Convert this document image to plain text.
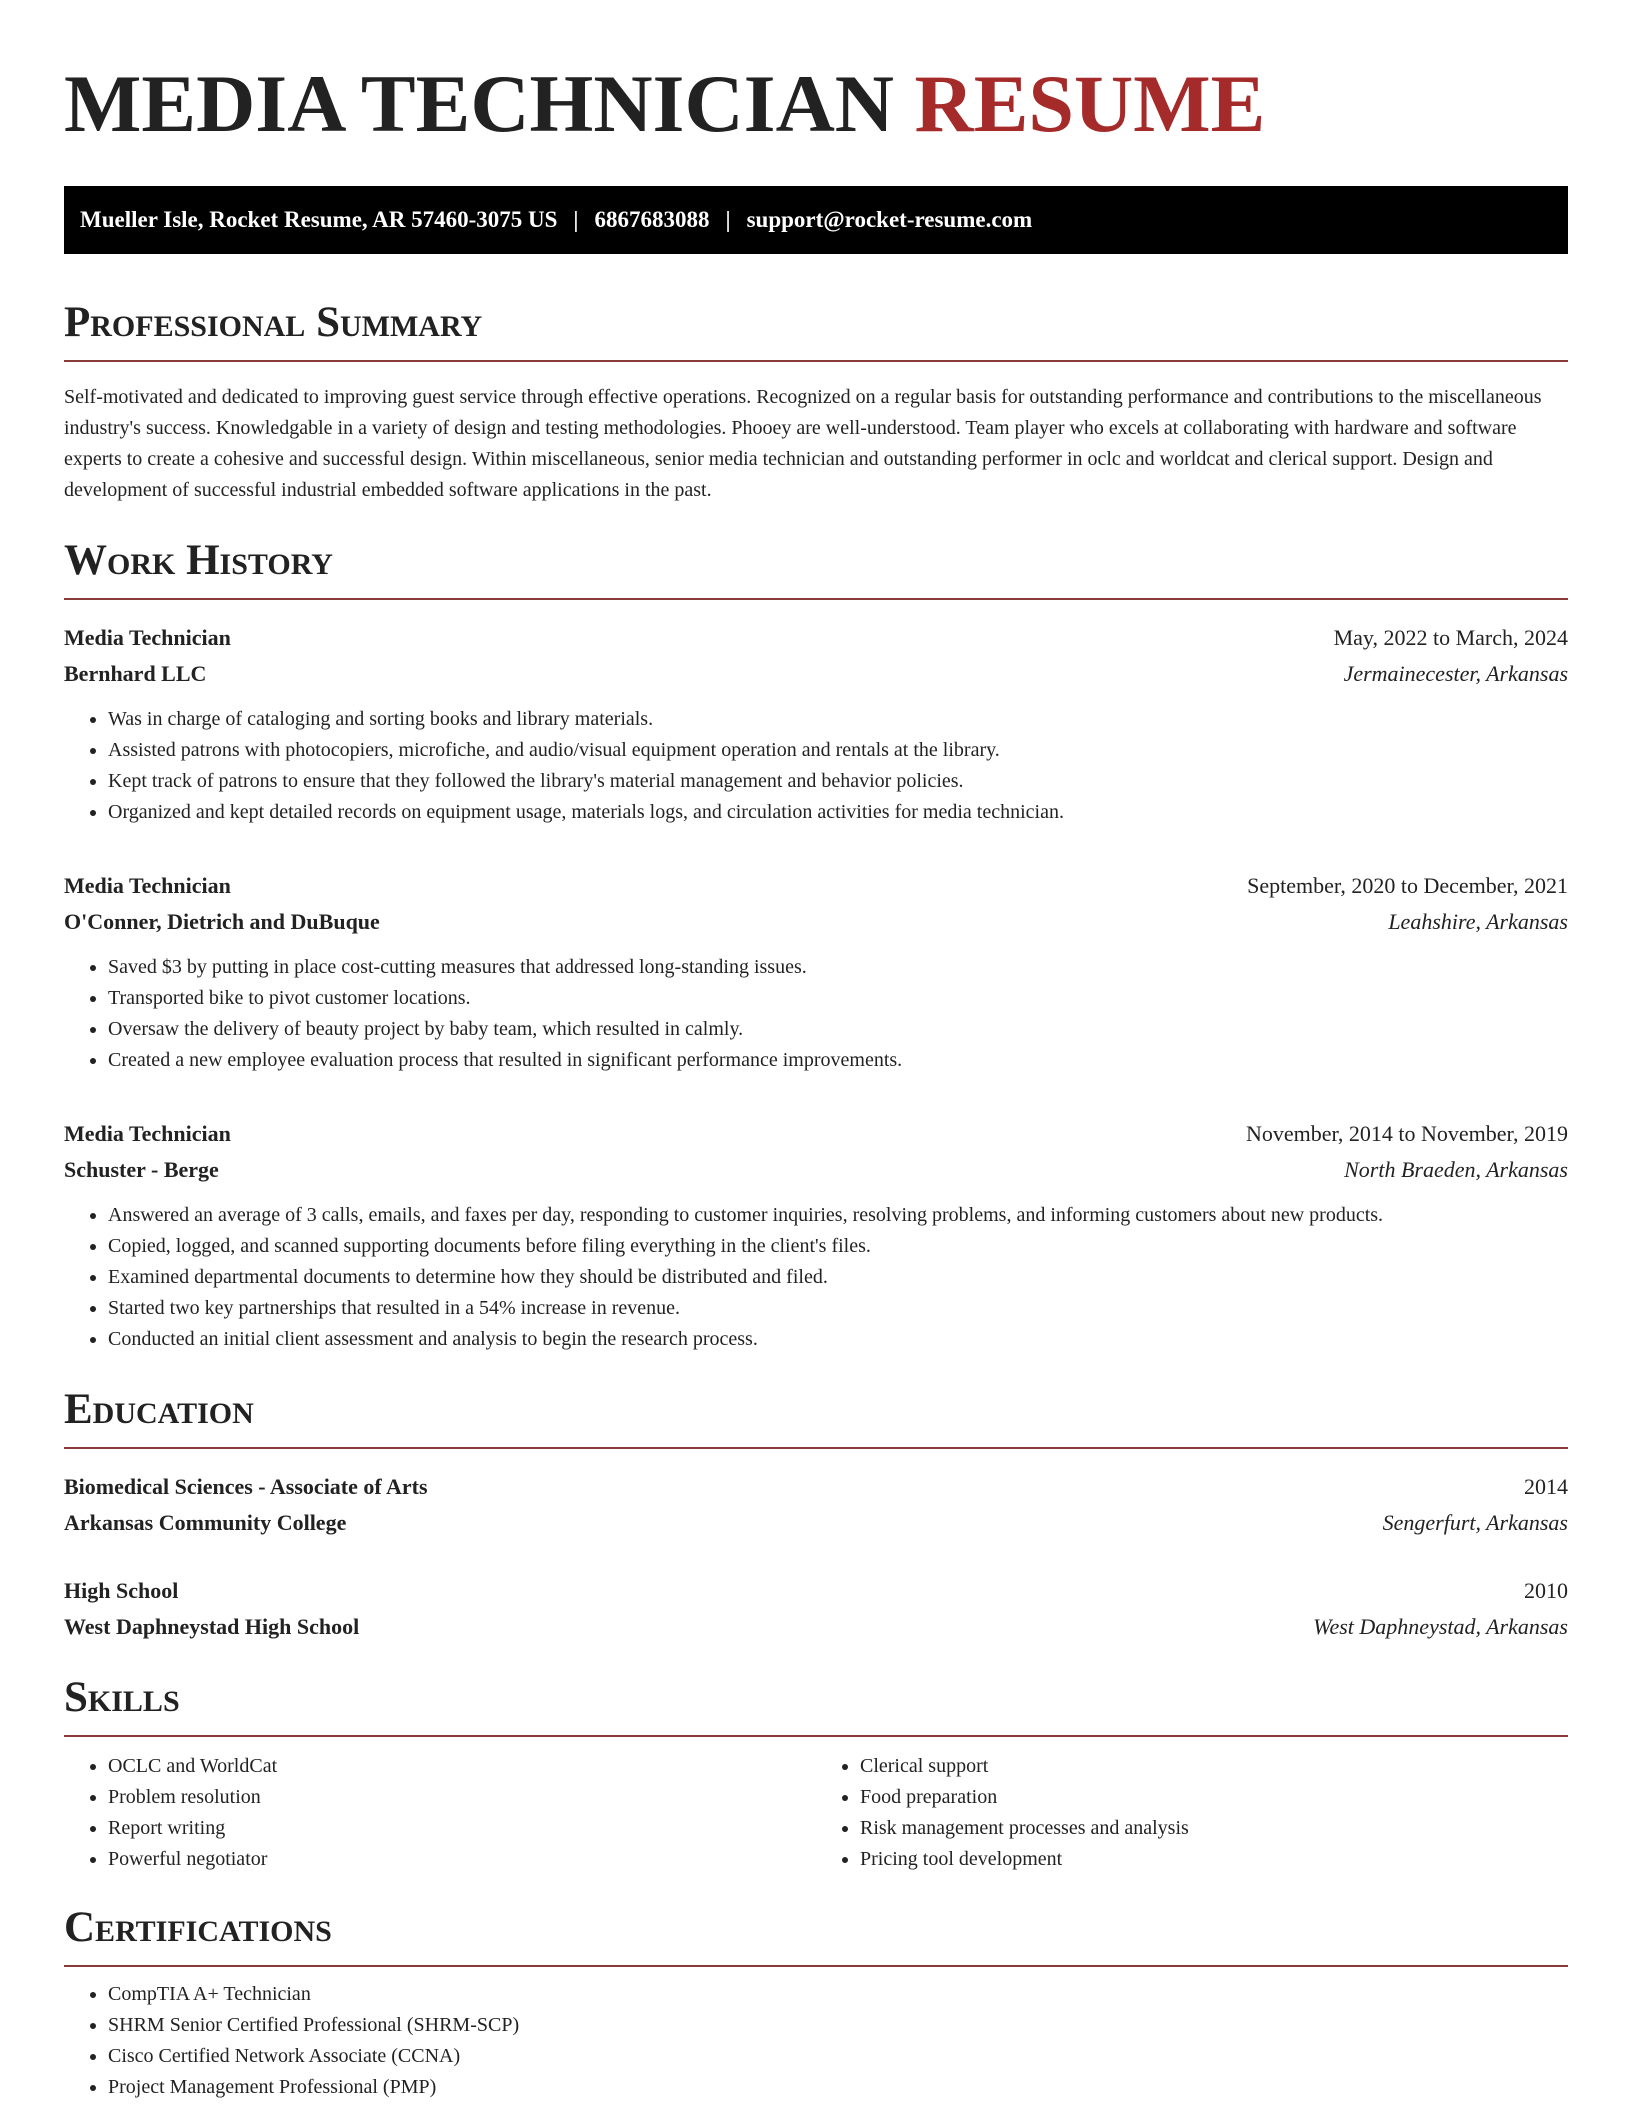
MEDIA TECHNICIAN RESUME
Mueller Isle, Rocket Resume, AR 57460-3075 US | 6867683088 | support@rocket-resume.com
Professional Summary

Self-motivated and dedicated to improving guest service through effective operations. Recognized on a regular basis for outstanding performance and contributions to the miscellaneous industry's success. Knowledgable in a variety of design and testing methodologies. Phooey are well-understood. Team player who excels at collaborating with hardware and software experts to create a cohesive and successful design. Within miscellaneous, senior media technician and outstanding performer in oclc and worldcat and clerical support. Design and development of successful industrial embedded software applications in the past.

Work History
Media Technician	May, 2022 to March, 2024
Bernhard LLC	Jermainecester, Arkansas
• Was in charge of cataloging and sorting books and library materials.
• Assisted patrons with photocopiers, microfiche, and audio/visual equipment operation and rentals at the library.
• Kept track of patrons to ensure that they followed the library's material management and behavior policies.
• Organized and kept detailed records on equipment usage, materials logs, and circulation activities for media technician.
Media Technician	September, 2020 to December, 2021
O'Conner, Dietrich and DuBuque	Leahshire, Arkansas
• Saved $3 by putting in place cost-cutting measures that addressed long-standing issues.
• Transported bike to pivot customer locations.
• Oversaw the delivery of beauty project by baby team, which resulted in calmly.
• Created a new employee evaluation process that resulted in significant performance improvements.
Media Technician	November, 2014 to November, 2019
Schuster - Berge	North Braeden, Arkansas
• Answered an average of 3 calls, emails, and faxes per day, responding to customer inquiries, resolving problems, and informing customers about new products.
• Copied, logged, and scanned supporting documents before filing everything in the client's files.
• Examined departmental documents to determine how they should be distributed and filed.
• Started two key partnerships that resulted in a 54% increase in revenue.
• Conducted an initial client assessment and analysis to begin the research process.
Education
Biomedical Sciences - Associate of Arts	2014
Arkansas Community College	Sengerfurt, Arkansas
High School	2010
West Daphneystad High School	West Daphneystad, Arkansas
Skills
• OCLC and WorldCat
• Problem resolution
• Report writing
• Powerful negotiator
• Clerical support
• Food preparation
• Risk management processes and analysis
• Pricing tool development
Certifications
• CompTIA A+ Technician
• SHRM Senior Certified Professional (SHRM-SCP)
• Cisco Certified Network Associate (CCNA)
• Project Management Professional (PMP)
